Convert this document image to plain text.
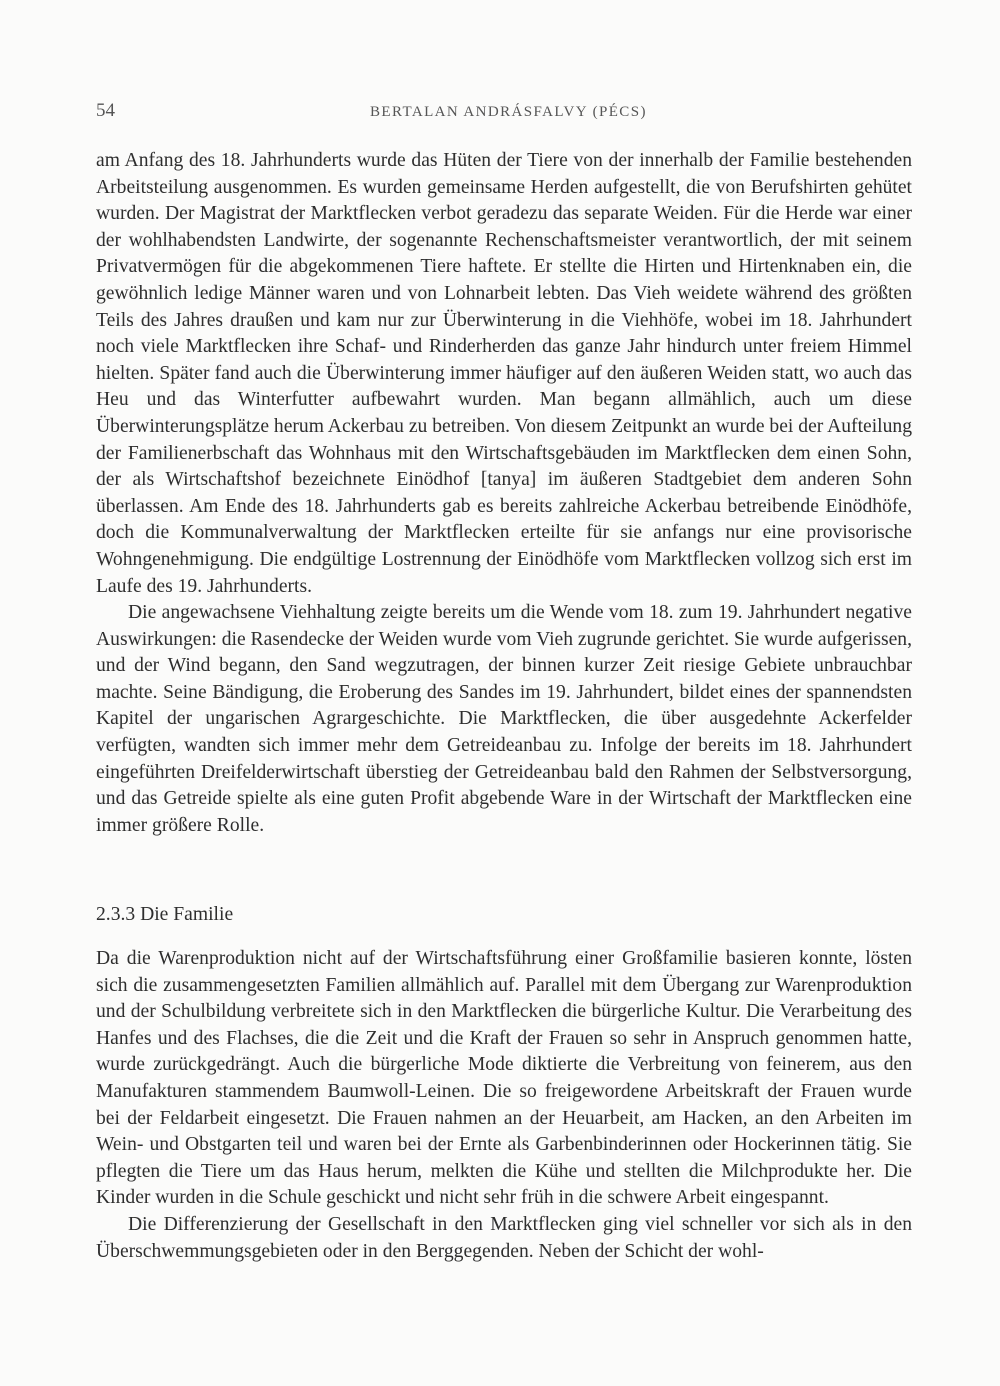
54	BERTALAN ANDRÁSFALVY (PÉCS)

am Anfang des 18. Jahrhunderts wurde das Hüten der Tiere von der innerhalb der Familie bestehenden Arbeitsteilung ausgenommen. Es wurden gemeinsame Herden aufgestellt, die von Berufshirten gehütet wurden. Der Magistrat der Marktflecken verbot geradezu das separate Weiden. Für die Herde war einer der wohlhabendsten Landwirte, der sogenannte Rechenschaftsmeister verantwortlich, der mit seinem Privatvermögen für die abgekommenen Tiere haftete. Er stellte die Hirten und Hirtenknaben ein, die gewöhnlich ledige Männer waren und von Lohnarbeit lebten. Das Vieh weidete während des größten Teils des Jahres draußen und kam nur zur Überwinterung in die Viehhöfe, wobei im 18. Jahrhundert noch viele Marktflecken ihre Schaf- und Rinderherden das ganze Jahr hindurch unter freiem Himmel hielten. Später fand auch die Überwinterung immer häufiger auf den äußeren Weiden statt, wo auch das Heu und das Winterfutter aufbewahrt wurden. Man begann allmählich, auch um diese Überwinterungsplätze herum Ackerbau zu betreiben. Von diesem Zeitpunkt an wurde bei der Aufteilung der Familienerbschaft das Wohnhaus mit den Wirtschaftsgebäuden im Marktflecken dem einen Sohn, der als Wirtschaftshof bezeichnete Einödhof [tanya] im äußeren Stadtgebiet dem anderen Sohn überlassen. Am Ende des 18. Jahrhunderts gab es bereits zahlreiche Ackerbau betreibende Einödhöfe, doch die Kommunalverwaltung der Marktflecken erteilte für sie anfangs nur eine provisorische Wohngenehmigung. Die endgültige Lostrennung der Einödhöfe vom Marktflecken vollzog sich erst im Laufe des 19. Jahrhunderts.

Die angewachsene Viehhaltung zeigte bereits um die Wende vom 18. zum 19. Jahrhundert negative Auswirkungen: die Rasendecke der Weiden wurde vom Vieh zugrunde gerichtet. Sie wurde aufgerissen, und der Wind begann, den Sand wegzutragen, der binnen kurzer Zeit riesige Gebiete unbrauchbar machte. Seine Bändigung, die Eroberung des Sandes im 19. Jahrhundert, bildet eines der spannendsten Kapitel der ungarischen Agrargeschichte. Die Marktflecken, die über ausgedehnte Ackerfelder verfügten, wandten sich immer mehr dem Getreideanbau zu. Infolge der bereits im 18. Jahrhundert eingeführten Dreifelderwirtschaft überstieg der Getreideanbau bald den Rahmen der Selbstversorgung, und das Getreide spielte als eine guten Profit abgebende Ware in der Wirtschaft der Marktflecken eine immer größere Rolle.

2.3.3 Die Familie

Da die Warenproduktion nicht auf der Wirtschaftsführung einer Großfamilie basieren konnte, lösten sich die zusammengesetzten Familien allmählich auf. Parallel mit dem Übergang zur Warenproduktion und der Schulbildung verbreitete sich in den Marktflecken die bürgerliche Kultur. Die Verarbeitung des Hanfes und des Flachses, die die Zeit und die Kraft der Frauen so sehr in Anspruch genommen hatte, wurde zurückgedrängt. Auch die bürgerliche Mode diktierte die Verbreitung von feinerem, aus den Manufakturen stammendem Baumwoll-Leinen. Die so freigewordene Arbeitskraft der Frauen wurde bei der Feldarbeit eingesetzt. Die Frauen nahmen an der Heuarbeit, am Hacken, an den Arbeiten im Wein- und Obstgarten teil und waren bei der Ernte als Garbenbinderinnen oder Hockerinnen tätig. Sie pflegten die Tiere um das Haus herum, melkten die Kühe und stellten die Milchprodukte her. Die Kinder wurden in die Schule geschickt und nicht sehr früh in die schwere Arbeit eingespannt.

Die Differenzierung der Gesellschaft in den Marktflecken ging viel schneller vor sich als in den Überschwemmungsgebieten oder in den Berggegenden. Neben der Schicht der wohl-
